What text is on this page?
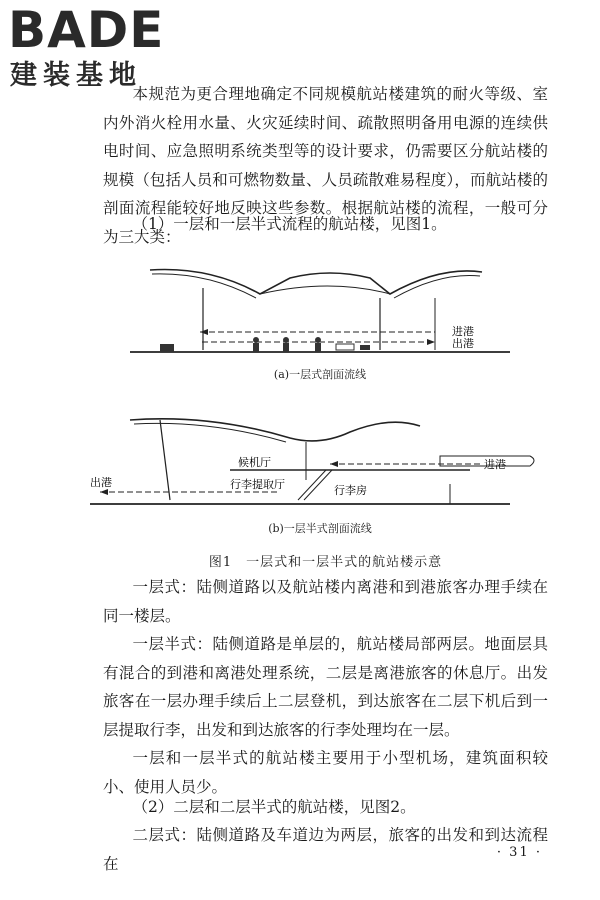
BADE
建装基地
本规范为更合理地确定不同规模航站楼建筑的耐火等级、室内外消火栓用水量、火灾延续时间、疏散照明备用电源的连续供电时间、应急照明系统类型等的设计要求，仍需要区分航站楼的规模（包括人员和可燃物数量、人员疏散难易程度），而航站楼的剖面流程能较好地反映这些参数。根据航站楼的流程，一般可分为三大类：
（1）一层和一层半式流程的航站楼，见图1。
进港
出港
(a)一层式剖面流线
候机厅
行李提取厅	行李房
进港
出港
(b)一层半式剖面流线
图1　一层式和一层半式的航站楼示意
一层式：陆侧道路以及航站楼内离港和到港旅客办理手续在同一楼层。
一层半式：陆侧道路是单层的，航站楼局部两层。地面层具有混合的到港和离港处理系统，二层是离港旅客的休息厅。出发旅客在一层办理手续后上二层登机，到达旅客在二层下机后到一层提取行李，出发和到达旅客的行李处理均在一层。
一层和一层半式的航站楼主要用于小型机场，建筑面积较小、使用人员少。
（2）二层和二层半式的航站楼，见图2。
二层式：陆侧道路及车道边为两层，旅客的出发和到达流程在
· 31 ·
